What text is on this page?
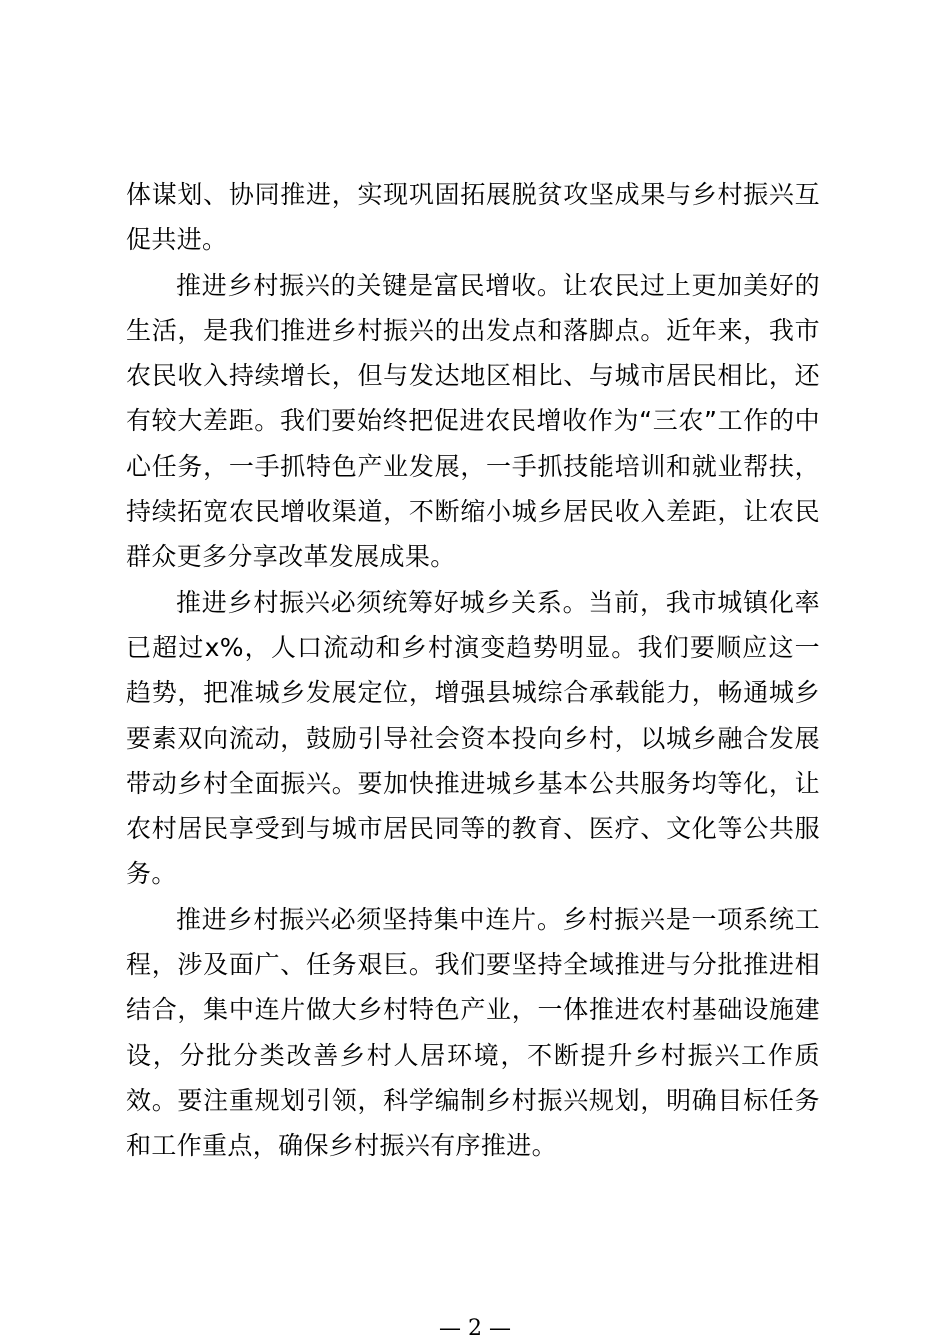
体谋划、协同推进，实现巩固拓展脱贫攻坚成果与乡村振兴互促共进。

推进乡村振兴的关键是富民增收。让农民过上更加美好的生活，是我们推进乡村振兴的出发点和落脚点。近年来，我市农民收入持续增长，但与发达地区相比、与城市居民相比，还有较大差距。我们要始终把促进农民增收作为“三农”工作的中心任务，一手抓特色产业发展，一手抓技能培训和就业帮扶，持续拓宽农民增收渠道，不断缩小城乡居民收入差距，让农民群众更多分享改革发展成果。

推进乡村振兴必须统筹好城乡关系。当前，我市城镇化率已超过x%，人口流动和乡村演变趋势明显。我们要顺应这一趋势，把准城乡发展定位，增强县城综合承载能力，畅通城乡要素双向流动，鼓励引导社会资本投向乡村，以城乡融合发展带动乡村全面振兴。要加快推进城乡基本公共服务均等化，让农村居民享受到与城市居民同等的教育、医疗、文化等公共服务。

推进乡村振兴必须坚持集中连片。乡村振兴是一项系统工程，涉及面广、任务艰巨。我们要坚持全域推进与分批推进相结合，集中连片做大乡村特色产业，一体推进农村基础设施建设，分批分类改善乡村人居环境，不断提升乡村振兴工作质效。要注重规划引领，科学编制乡村振兴规划，明确目标任务和工作重点，确保乡村振兴有序推进。

— 2 —
